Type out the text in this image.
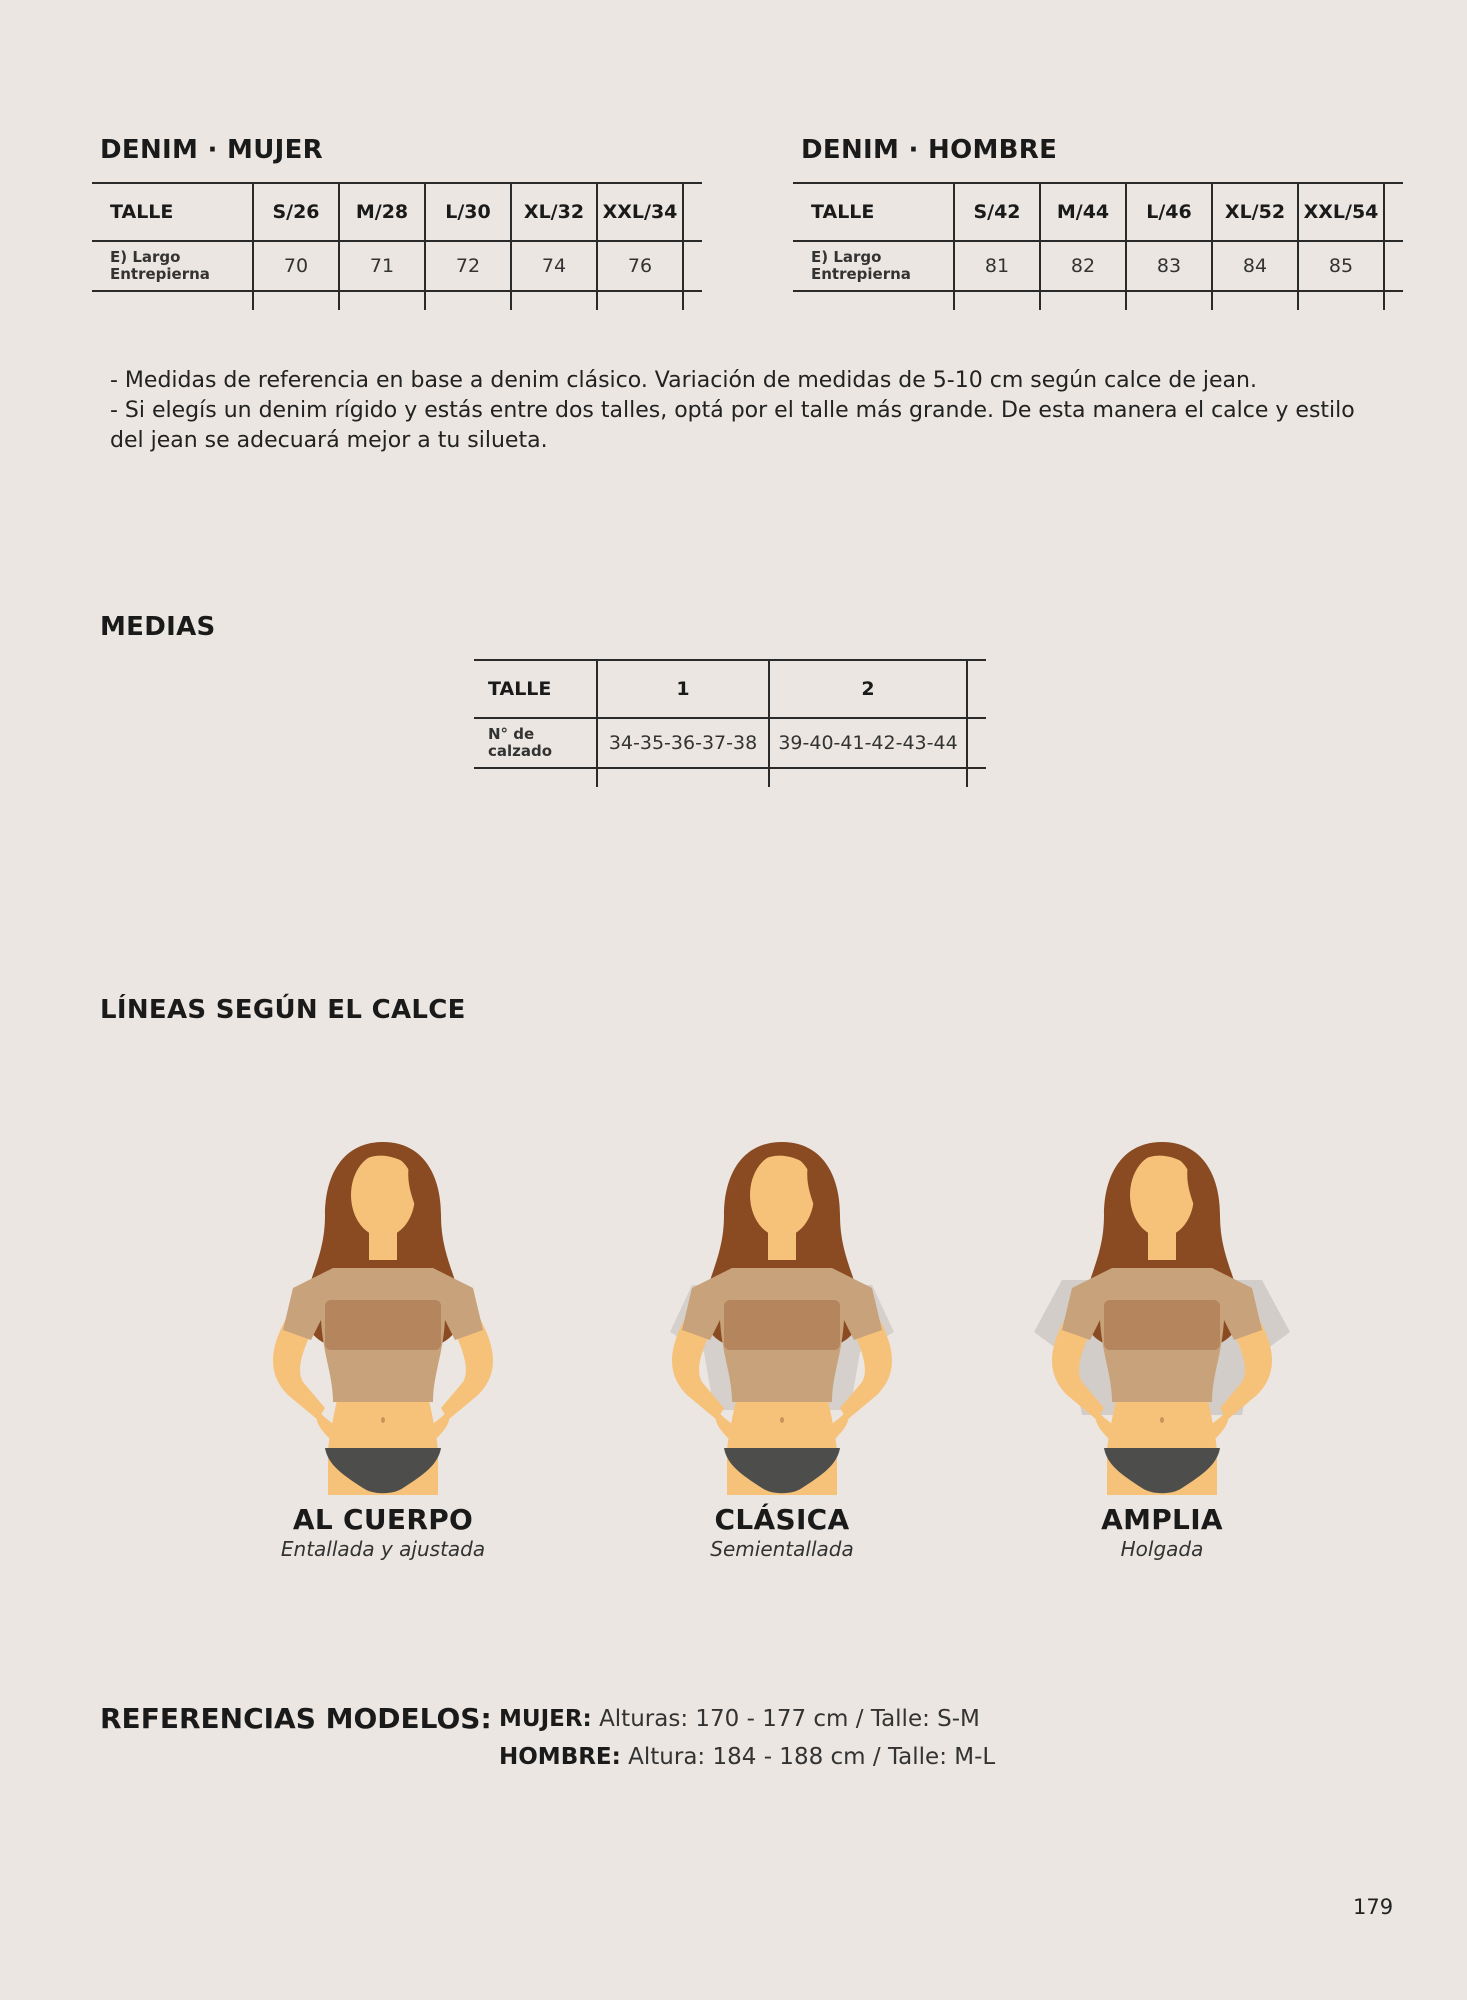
DENIM · MUJER
TALLE	S/26	M/28	L/30	XL/32	XXL/34	
E) Largo Entrepierna	70	71	72	74	76	

DENIM · HOMBRE
TALLE	S/42	M/44	L/46	XL/52	XXL/54	
E) Largo Entrepierna	81	82	83	84	85	

- Medidas de referencia en base a denim clásico. Variación de medidas de 5-10 cm según calce de jean.

- Si elegís un denim rígido y estás entre dos talles, optá por el talle más grande. De esta manera el calce y estilo del jean se adecuará mejor a tu silueta.

MEDIAS
TALLE	1	2	
N° de calzado	34-35-36-37-38	39-40-41-42-43-44	

LÍNEAS SEGÚN EL CALCE
AL CUERPO
Entallada y ajustada
CLÁSICA
Semientallada
AMPLIA
Holgada
REFERENCIAS MODELOS: MUJER: Alturas: 170 - 177 cm / Talle: S-M
HOMBRE: Altura: 184 - 188 cm / Talle: M-L
179
